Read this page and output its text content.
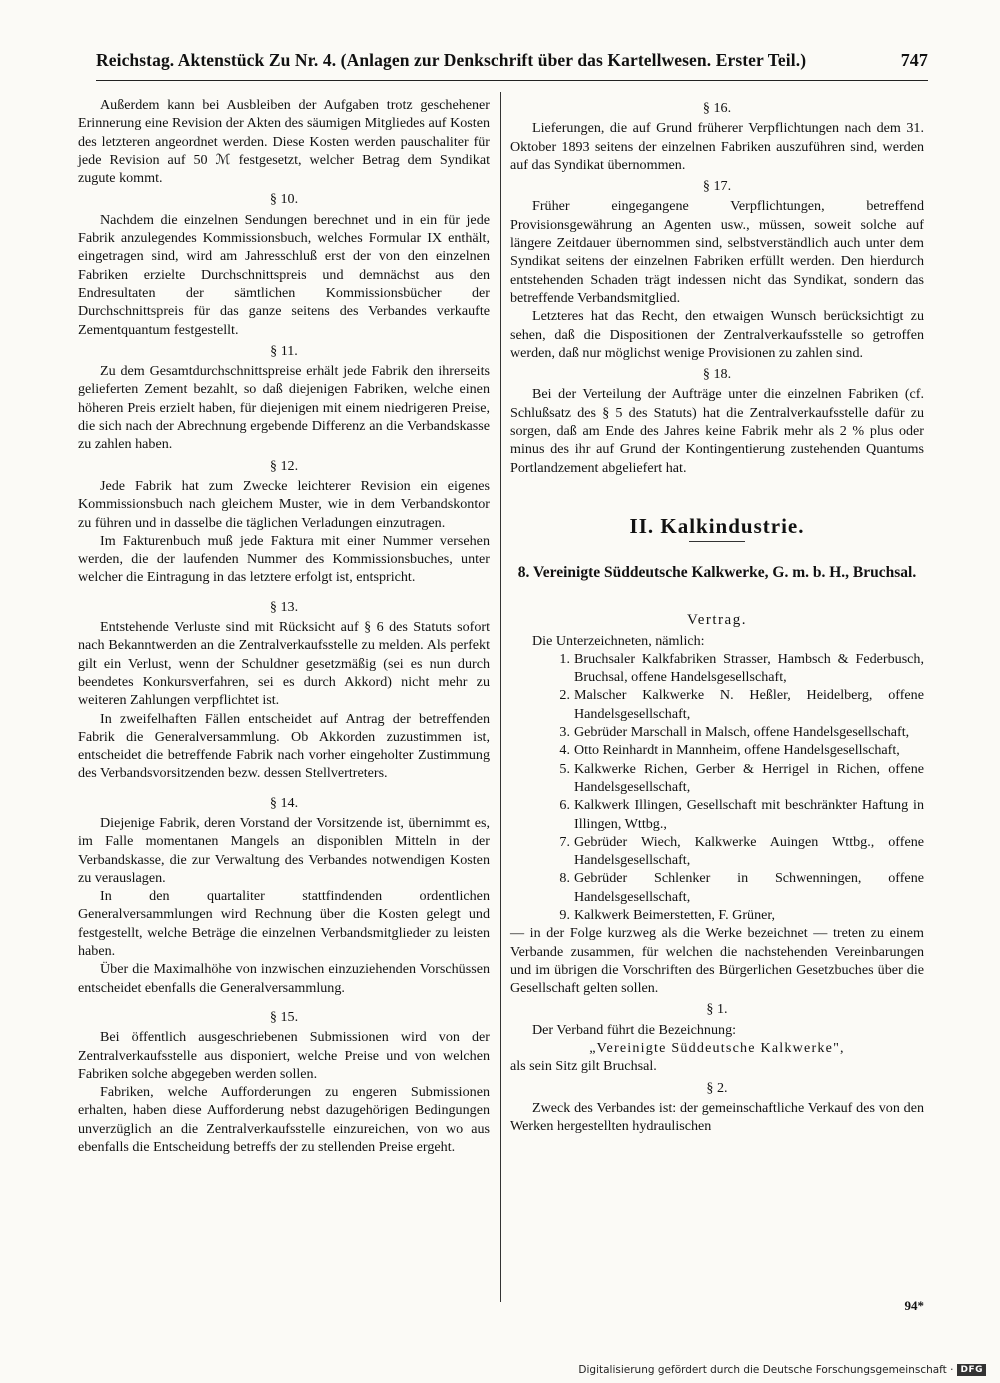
Reichstag. Aktenstück Zu Nr. 4. (Anlagen zur Denkschrift über das Kartellwesen. Erster Teil.)	747

Außerdem kann bei Ausbleiben der Aufgaben trotz geschehener Erinnerung eine Revision der Akten des säumigen Mitgliedes auf Kosten des letzteren angeordnet werden. Diese Kosten werden pauschaliter für jede Revision auf 50 ℳ festgesetzt, welcher Betrag dem Syndikat zugute kommt.

§ 10.

Nachdem die einzelnen Sendungen berechnet und in ein für jede Fabrik anzulegendes Kommissionsbuch, welches Formular IX enthält, eingetragen sind, wird am Jahresschluß erst der von den einzelnen Fabriken erzielte Durchschnittspreis und demnächst aus den Endresultaten der sämtlichen Kommissionsbücher der Durchschnittspreis für das ganze seitens des Verbandes verkaufte Zementquantum festgestellt.

§ 11.

Zu dem Gesamtdurchschnittspreise erhält jede Fabrik den ihrerseits gelieferten Zement bezahlt, so daß diejenigen Fabriken, welche einen höheren Preis erzielt haben, für diejenigen mit einem niedrigeren Preise, die sich nach der Abrechnung ergebende Differenz an die Verbandskasse zu zahlen haben.

§ 12.

Jede Fabrik hat zum Zwecke leichterer Revision ein eigenes Kommissionsbuch nach gleichem Muster, wie in dem Verbandskontor zu führen und in dasselbe die täglichen Verladungen einzutragen.

Im Fakturenbuch muß jede Faktura mit einer Nummer versehen werden, die der laufenden Nummer des Kommissionsbuches, unter welcher die Eintragung in das letztere erfolgt ist, entspricht.

§ 13.

Entstehende Verluste sind mit Rücksicht auf § 6 des Statuts sofort nach Bekanntwerden an die Zentralverkaufsstelle zu melden. Als perfekt gilt ein Verlust, wenn der Schuldner gesetzmäßig (sei es nun durch beendetes Konkursverfahren, sei es durch Akkord) nicht mehr zu weiteren Zahlungen verpflichtet ist.

In zweifelhaften Fällen entscheidet auf Antrag der betreffenden Fabrik die Generalversammlung. Ob Akkorden zuzustimmen ist, entscheidet die betreffende Fabrik nach vorher eingeholter Zustimmung des Verbandsvorsitzenden bezw. dessen Stellvertreters.

§ 14.

Diejenige Fabrik, deren Vorstand der Vorsitzende ist, übernimmt es, im Falle momentanen Mangels an disponiblen Mitteln in der Verbandskasse, die zur Verwaltung des Verbandes notwendigen Kosten zu verauslagen.

In den quartaliter stattfindenden ordentlichen Generalversammlungen wird Rechnung über die Kosten gelegt und festgestellt, welche Beträge die einzelnen Verbandsmitglieder zu leisten haben.

Über die Maximalhöhe von inzwischen einzuziehenden Vorschüssen entscheidet ebenfalls die Generalversammlung.

§ 15.

Bei öffentlich ausgeschriebenen Submissionen wird von der Zentralverkaufsstelle aus disponiert, welche Preise und von welchen Fabriken solche abgegeben werden sollen.

Fabriken, welche Aufforderungen zu engeren Submissionen erhalten, haben diese Aufforderung nebst dazugehörigen Bedingungen unverzüglich an die Zentralverkaufsstelle einzureichen, von wo aus ebenfalls die Entscheidung betreffs der zu stellenden Preise ergeht.

§ 16.

Lieferungen, die auf Grund früherer Verpflichtungen nach dem 31. Oktober 1893 seitens der einzelnen Fabriken auszuführen sind, werden auf das Syndikat übernommen.

§ 17.

Früher eingegangene Verpflichtungen, betreffend Provisionsgewährung an Agenten usw., müssen, soweit solche auf längere Zeitdauer übernommen sind, selbstverständlich auch unter dem Syndikat seitens der einzelnen Fabriken erfüllt werden. Den hierdurch entstehenden Schaden trägt indessen nicht das Syndikat, sondern das betreffende Verbandsmitglied.

Letzteres hat das Recht, den etwaigen Wunsch berücksichtigt zu sehen, daß die Dispositionen der Zentralverkaufsstelle so getroffen werden, daß nur möglichst wenige Provisionen zu zahlen sind.

§ 18.

Bei der Verteilung der Aufträge unter die einzelnen Fabriken (cf. Schlußsatz des § 5 des Statuts) hat die Zentralverkaufsstelle dafür zu sorgen, daß am Ende des Jahres keine Fabrik mehr als 2 % plus oder minus des ihr auf Grund der Kontingentierung zustehenden Quantums Portlandzement abgeliefert hat.

II. Kalkindustrie.
8. Vereinigte Süddeutsche Kalkwerke, G. m. b. H., Bruchsal.
Vertrag.

Die Unterzeichneten, nämlich:

1. Bruchsaler Kalkfabriken Strasser, Hambsch & Federbusch, Bruchsal, offene Handelsgesellschaft,
2. Malscher Kalkwerke N. Heßler, Heidelberg, offene Handelsgesellschaft,
3. Gebrüder Marschall in Malsch, offene Handelsgesellschaft,
4. Otto Reinhardt in Mannheim, offene Handelsgesellschaft,
5. Kalkwerke Richen, Gerber & Herrigel in Richen, offene Handelsgesellschaft,
6. Kalkwerk Illingen, Gesellschaft mit beschränkter Haftung in Illingen, Wttbg.,
7. Gebrüder Wiech, Kalkwerke Auingen Wttbg., offene Handelsgesellschaft,
8. Gebrüder Schlenker in Schwenningen, offene Handelsgesellschaft,
9. Kalkwerk Beimerstetten, F. Grüner,

— in der Folge kurzweg als die Werke bezeichnet — treten zu einem Verbande zusammen, für welchen die nachstehenden Vereinbarungen und im übrigen die Vorschriften des Bürgerlichen Gesetzbuches über die Gesellschaft gelten sollen.

§ 1.

Der Verband führt die Bezeichnung:

„Vereinigte Süddeutsche Kalkwerke",

als sein Sitz gilt Bruchsal.

§ 2.

Zweck des Verbandes ist: der gemeinschaftliche Verkauf des von den Werken hergestellten hydraulischen

94*
Digitalisierung gefördert durch die Deutsche Forschungsgemeinschaft · DFG
